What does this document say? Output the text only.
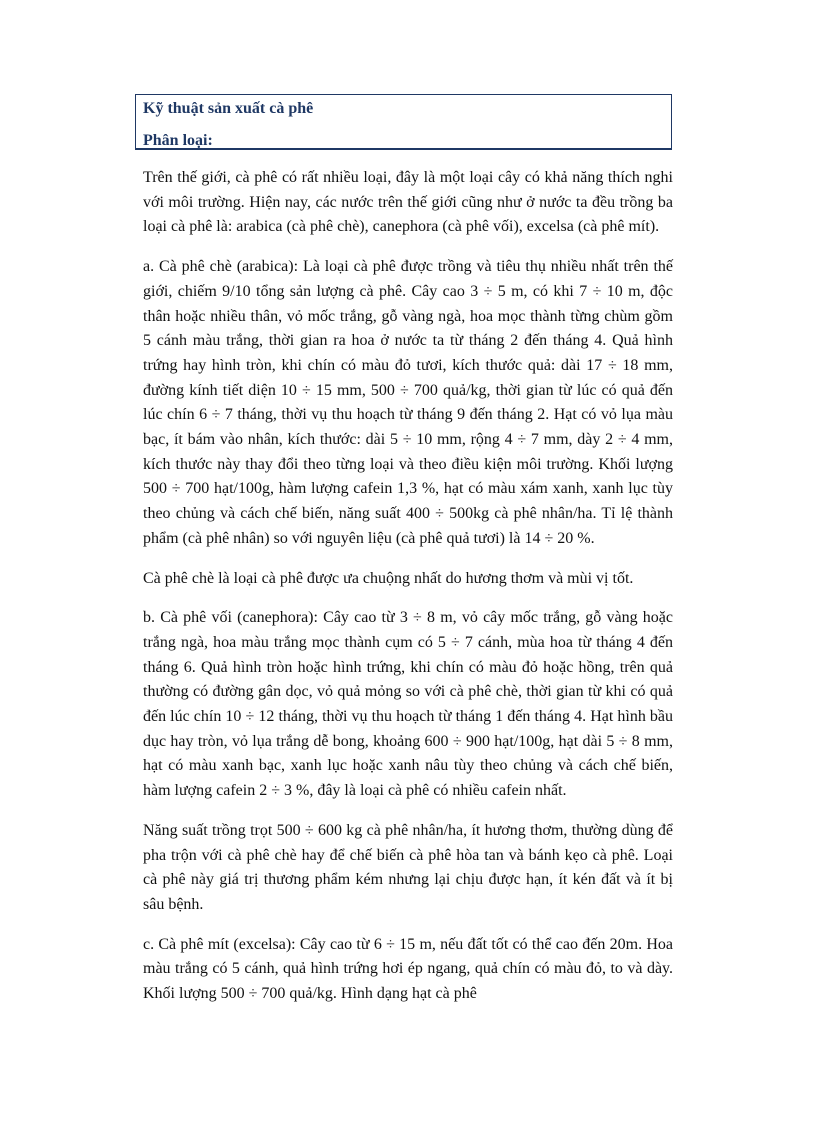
Kỹ thuật sản xuất cà phê
Phân loại:

Trên thế giới, cà phê có rất nhiều loại, đây là một loại cây có khả năng thích nghi với môi trường. Hiện nay, các nước trên thế giới cũng như ở nước ta đều trồng ba loại cà phê là: arabica (cà phê chè), canephora (cà phê vối), excelsa (cà phê mít).

a. Cà phê chè (arabica): Là loại cà phê được trồng và tiêu thụ nhiều nhất trên thế giới, chiếm 9/10 tổng sản lượng cà phê. Cây cao 3 ÷ 5 m, có khi 7 ÷ 10 m, độc thân hoặc nhiều thân, vỏ mốc trắng, gỗ vàng ngà, hoa mọc thành từng chùm gồm 5 cánh màu trắng, thời gian ra hoa ở nước ta từ tháng 2 đến tháng 4. Quả hình trứng hay hình tròn, khi chín có màu đỏ tươi, kích thước quả: dài 17 ÷ 18 mm, đường kính tiết diện 10 ÷ 15 mm, 500 ÷ 700 quả/kg, thời gian từ lúc có quả đến lúc chín 6 ÷ 7 tháng, thời vụ thu hoạch từ tháng 9 đến tháng 2. Hạt có vỏ lụa màu bạc, ít bám vào nhân, kích thước: dài 5 ÷ 10 mm, rộng 4 ÷ 7 mm, dày 2 ÷ 4 mm, kích thước này thay đổi theo từng loại và theo điều kiện môi trường. Khối lượng 500 ÷ 700 hạt/100g, hàm lượng cafein 1,3 %, hạt có màu xám xanh, xanh lục tùy theo chủng và cách chế biến, năng suất 400 ÷ 500kg cà phê nhân/ha. Tỉ lệ thành phẩm (cà phê nhân) so với nguyên liệu (cà phê quả tươi) là 14 ÷ 20 %.

Cà phê chè là loại cà phê được ưa chuộng nhất do hương thơm và mùi vị tốt.

b. Cà phê vối (canephora): Cây cao từ 3 ÷ 8 m, vỏ cây mốc trắng, gỗ vàng hoặc trắng ngà, hoa màu trắng mọc thành cụm có 5 ÷ 7 cánh, mùa hoa từ tháng 4 đến tháng 6. Quả hình tròn hoặc hình trứng, khi chín có màu đỏ hoặc hồng, trên quả thường có đường gân dọc, vỏ quả mỏng so với cà phê chè, thời gian từ khi có quả đến lúc chín 10 ÷ 12 tháng, thời vụ thu hoạch từ tháng 1 đến tháng 4. Hạt hình bầu dục hay tròn, vỏ lụa trắng dễ bong, khoảng 600 ÷ 900 hạt/100g, hạt dài 5 ÷ 8 mm, hạt có màu xanh bạc, xanh lục hoặc xanh nâu tùy theo chủng và cách chế biến, hàm lượng cafein 2 ÷ 3 %, đây là loại cà phê có nhiều cafein nhất.

Năng suất trồng trọt 500 ÷ 600 kg cà phê nhân/ha, ít hương thơm, thường dùng để pha trộn với cà phê chè hay để chế biến cà phê hòa tan và bánh kẹo cà phê. Loại cà phê này giá trị thương phẩm kém nhưng lại chịu được hạn, ít kén đất và ít bị sâu bệnh.

c. Cà phê mít (excelsa): Cây cao từ 6 ÷ 15 m, nếu đất tốt có thể cao đến 20m. Hoa màu trắng có 5 cánh, quả hình trứng hơi ép ngang, quả chín có màu đỏ, to và dày. Khối lượng 500 ÷ 700 quả/kg. Hình dạng hạt cà phê
